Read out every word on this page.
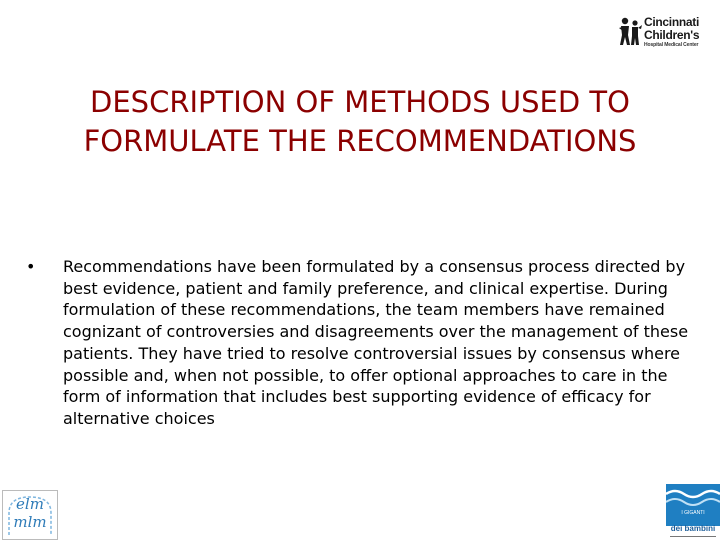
Cincinnati
Children's
Hospital Medical Center
DESCRIPTION OF METHODS USED TO FORMULATE THE RECOMMENDATIONS
• Recommendations have been formulated by a consensus process directed by best evidence, patient and family preference, and clinical expertise. During formulation of these recommendations, the team members have remained cognizant of controversies and disagreements over the management of these patients. They have tried to resolve controversial issues by consensus where possible and, when not possible, to offer optional approaches to care in the form of information that includes best supporting evidence of efficacy for alternative choices
elm
mlm	I GIGANTI
dei bambini
